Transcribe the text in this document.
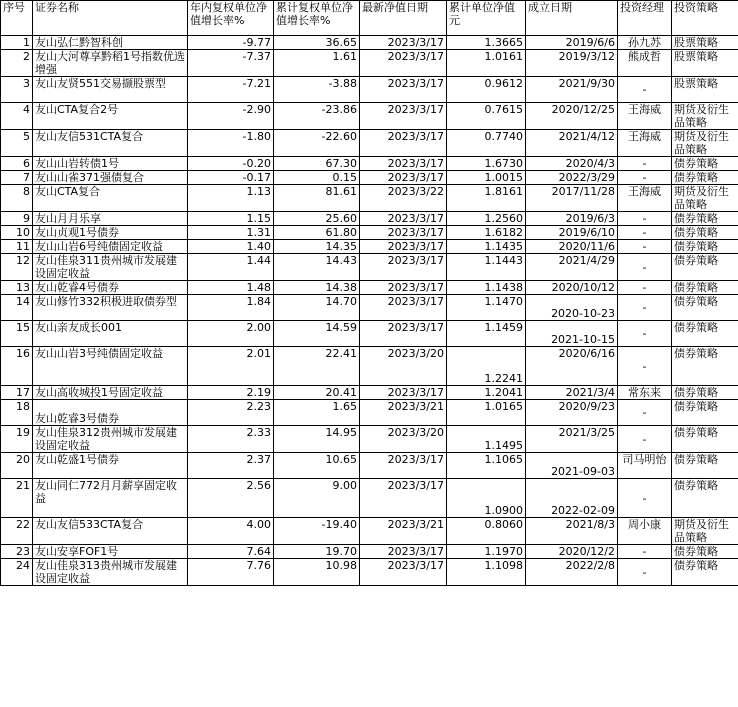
序号	证券名称	年内复权单位净值增长率%	累计复权单位净值增长率%	最新净值日期	累计单位净值元	成立日期	投资经理	投资策略
1	友山弘仁黔智科创	-9.77	36.65	2023/3/17	1.3665	2019/6/6	孙九苏	股票策略
2	友山大河尊享黔稻1号指数优选增强	-7.37	1.61	2023/3/17	1.0161	2019/3/12	熊成哲	股票策略
3	友山友贤551交易撷股票型	-7.21	-3.88	2023/3/17	0.9612	2021/9/30	-	股票策略
4	友山CTA复合2号	-2.90	-23.86	2023/3/17	0.7615	2020/12/25	王海威	期货及衍生品策略
5	友山友信531CTA复合	-1.80	-22.60	2023/3/17	0.7740	2021/4/12	王海威	期货及衍生品策略
6	友山山岩转债1号	-0.20	67.30	2023/3/17	1.6730	2020/4/3	-	债券策略
7	友山山雀371强债复合	-0.17	0.15	2023/3/17	1.0015	2022/3/29	-	债券策略
8	友山CTA复合	1.13	81.61	2023/3/22	1.8161	2017/11/28	王海威	期货及衍生品策略
9	友山月月乐享	1.15	25.60	2023/3/17	1.2560	2019/6/3	-	债券策略
10	友山贞观1号债券	1.31	61.80	2023/3/17	1.6182	2019/6/10	-	债券策略
11	友山山岩6号纯债固定收益	1.40	14.35	2023/3/17	1.1435	2020/11/6	-	债券策略
12	友山佳泉311贵州城市发展建设固定收益	1.44	14.43	2023/3/17	1.1443	2021/4/29	-	债券策略
13	友山乾睿4号债券	1.48	14.38	2023/3/17	1.1438	2020/10/12	-	债券策略
14	友山修竹332积极进取债券型	1.84	14.70	2023/3/17	1.1470	2020-10-23	-	债券策略
15	友山亲友成长001	2.00	14.59	2023/3/17	1.1459	2021-10-15	-	债券策略
16	友山山岩3号纯债固定收益	2.01	22.41	2023/3/20	1.2241	2020/6/16	-	债券策略
17	友山高收城投1号固定收益	2.19	20.41	2023/3/17	1.2041	2021/3/4	常东来	债券策略
18	友山乾睿3号债券	2.23	1.65	2023/3/21	1.0165	2020/9/23	-	债券策略
19	友山佳泉312贵州城市发展建设固定收益	2.33	14.95	2023/3/20	1.1495	2021/3/25	-	债券策略
20	友山乾盛1号债券	2.37	10.65	2023/3/17	1.1065	2021-09-03	司马明怡	债券策略
21	友山同仁772月月薪享固定收益	2.56	9.00	2023/3/17	1.0900	2022-02-09	-	债券策略
22	友山友信533CTA复合	4.00	-19.40	2023/3/21	0.8060	2021/8/3	周小康	期货及衍生品策略
23	友山安享FOF1号	7.64	19.70	2023/3/17	1.1970	2020/12/2	-	债券策略
24	友山佳泉313贵州城市发展建设固定收益	7.76	10.98	2023/3/17	1.1098	2022/2/8	-	债券策略
